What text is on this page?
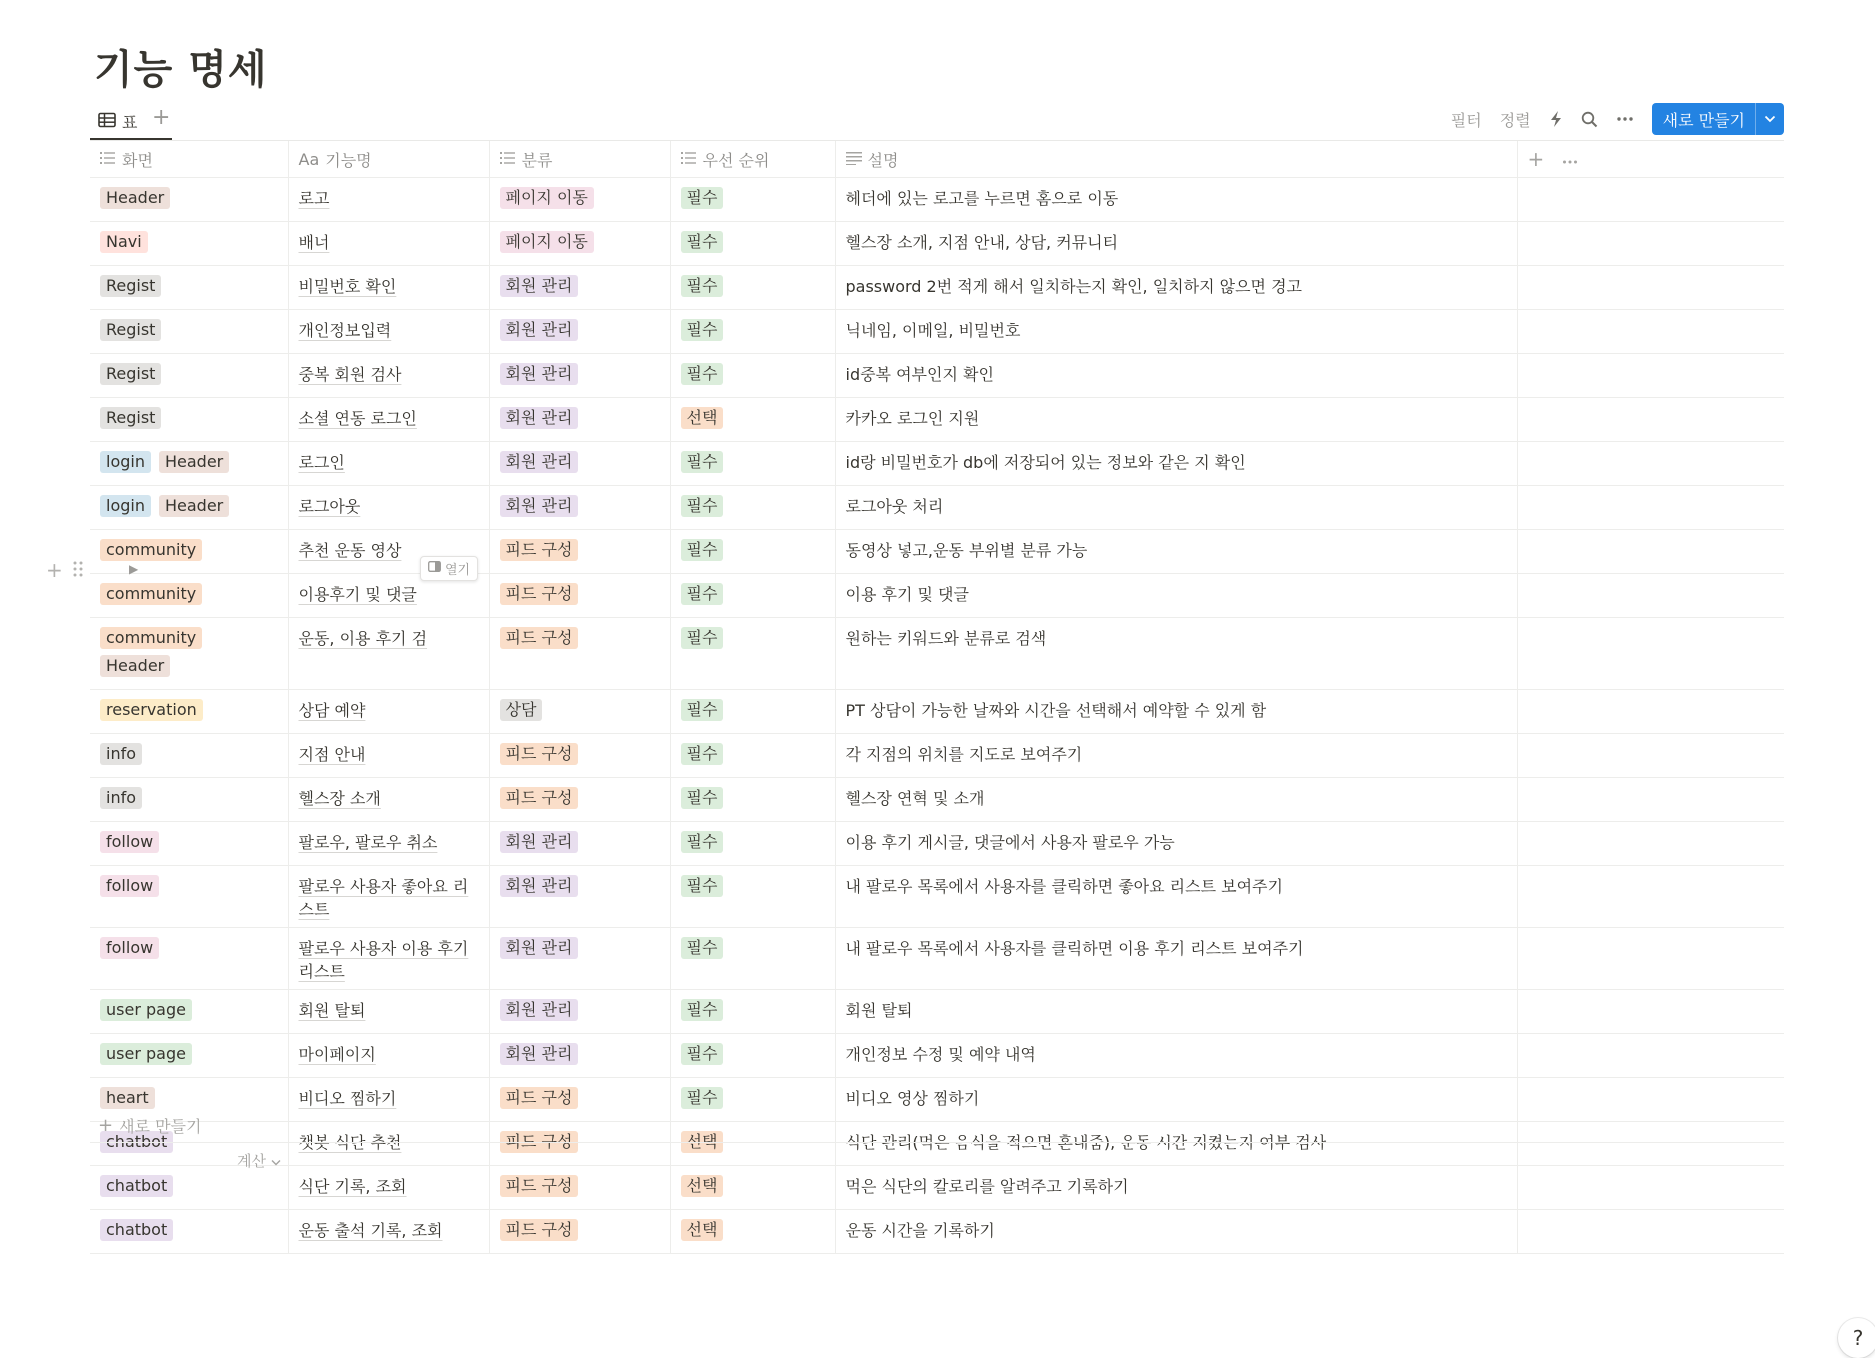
기능 명세
표 +	필터 정렬	새로 만들기
화면	Aa 기능명	분류	우선 순위	설명	+

Header	로고	페이지 이동	필수	헤더에 있는 로고를 누르면 홈으로 이동	
Navi	배너	페이지 이동	필수	헬스장 소개, 지점 안내, 상담, 커뮤니티	
Regist	비밀번호 확인	회원 관리	필수	password 2번 적게 해서 일치하는지 확인, 일치하지 않으면 경고	
Regist	개인정보입력	회원 관리	필수	닉네임, 이메일, 비밀번호	
Regist	중복 회원 검사	회원 관리	필수	id중복 여부인지 확인	
Regist	소셜 연동 로그인	회원 관리	선택	카카오 로그인 지원	
login Header	로그인	회원 관리	필수	id랑 비밀번호가 db에 저장되어 있는 정보와 같은 지 확인	
login Header	로그아웃	회원 관리	필수	로그아웃 처리	
community	추천 운동 영상	피드 구성	필수	동영상 넣고,운동 부위별 분류 가능	
community	이용후기 및 댓글	피드 구성	필수	이용 후기 및 댓글	
communityHeader	운동, 이용 후기 검	피드 구성	필수	원하는 키워드와 분류로 검색	
reservation	상담 예약	상담	필수	PT 상담이 가능한 날짜와 시간을 선택해서 예약할 수 있게 함	
info	지점 안내	피드 구성	필수	각 지점의 위치를 지도로 보여주기	
info	헬스장 소개	피드 구성	필수	헬스장 연혁 및 소개	
follow	팔로우, 팔로우 취소	회원 관리	필수	이용 후기 게시글, 댓글에서 사용자 팔로우 가능	
follow	팔로우 사용자 좋아요 리스트	회원 관리	필수	내 팔로우 목록에서 사용자를 클릭하면 좋아요 리스트 보여주기	
follow	팔로우 사용자 이용 후기 리스트	회원 관리	필수	내 팔로우 목록에서 사용자를 클릭하면 이용 후기 리스트 보여주기	
user page	회원 탈퇴	회원 관리	필수	회원 탈퇴	
user page	마이페이지	회원 관리	필수	개인정보 수정 및 예약 내역	
heart	비디오 찜하기	피드 구성	필수	비디오 영상 찜하기	
chatbot	챗봇 식단 추천	피드 구성	선택	식단 관리(먹은 음식을 적으면 혼내줌), 운동 시간 지켰는지 여부 검사	
chatbot	식단 기록, 조회	피드 구성	선택	먹은 식단의 칼로리를 알려주고 기록하기	
chatbot	운동 출석 기록, 조회	피드 구성	선택	운동 시간을 기록하기	
+	▶	열기
+ 새로 만들기
계산
?
